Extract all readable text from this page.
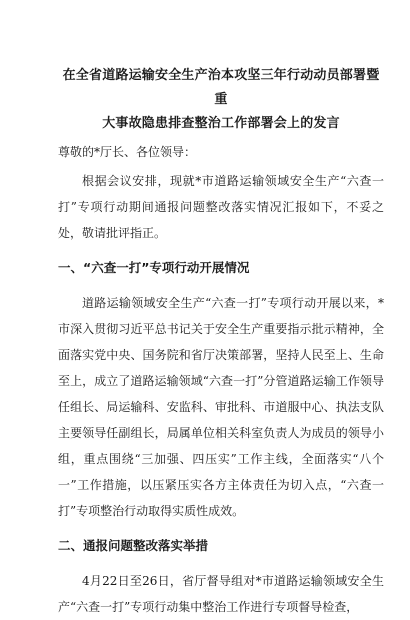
在全省道路运输安全生产治本攻坚三年行动动员部署暨重
大事故隐患排查整治工作部署会上的发言

尊敬的*厅长、各位领导：

根据会议安排，现就*市道路运输领域安全生产“六查一打”专项行动期间通报问题整改落实情况汇报如下，不妥之处，敬请批评指正。

一、“六查一打”专项行动开展情况

道路运输领域安全生产“六查一打”专项行动开展以来，*市深入贯彻习近平总书记关于安全生产重要指示批示精神，全面落实党中央、国务院和省厅决策部署，坚持人民至上、生命至上，成立了道路运输领域“六查一打”分管道路运输工作领导任组长、局运输科、安监科、审批科、市道服中心、执法支队主要领导任副组长，局属单位相关科室负责人为成员的领导小组，重点围绕“三加强、四压实”工作主线，全面落实“八个一”工作措施，以压紧压实各方主体责任为切入点，“六查一打”专项整治行动取得实质性成效。

二、通报问题整改落实举措

4月22日至26日，省厅督导组对*市道路运输领域安全生产“六查一打”专项行动集中整治工作进行专项督导检查，
